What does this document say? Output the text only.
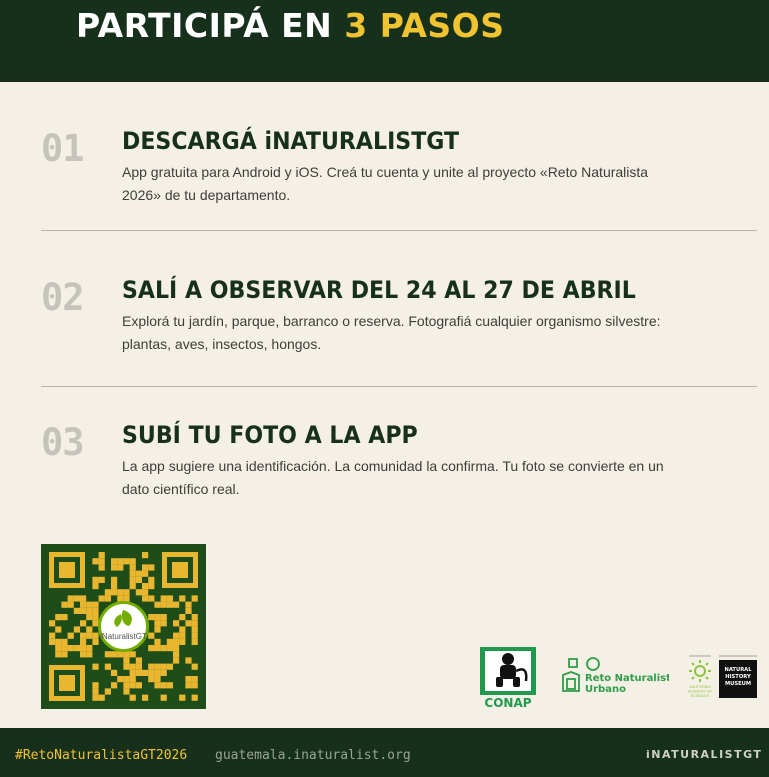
PARTICIPÁ EN 3 PASOS
01 DESCARGÁ iNATURALISTGT
App gratuita para Android y iOS. Creá tu cuenta y unite al proyecto «Reto Naturalista 2026» de tu departamento.
02 SALÍ A OBSERVAR DEL 24 AL 27 DE ABRIL
Explorá tu jardín, parque, barranco o reserva. Fotografiá cualquier organismo silvestre: plantas, aves, insectos, hongos.
03 SUBÍ TU FOTO A LA APP
La app sugiere una identificación. La comunidad la confirma. Tu foto se convierte en un dato científico real.
iNaturalistGT
CONAP
Reto Naturalista
Urbano	CALIFORNIA
ACADEMY OF
SCIENCES
NATURAL
HISTORY
MUSEUM
#RetoNaturalistaGT2026 guatemala.inaturalist.org	iNATURALISTGT
